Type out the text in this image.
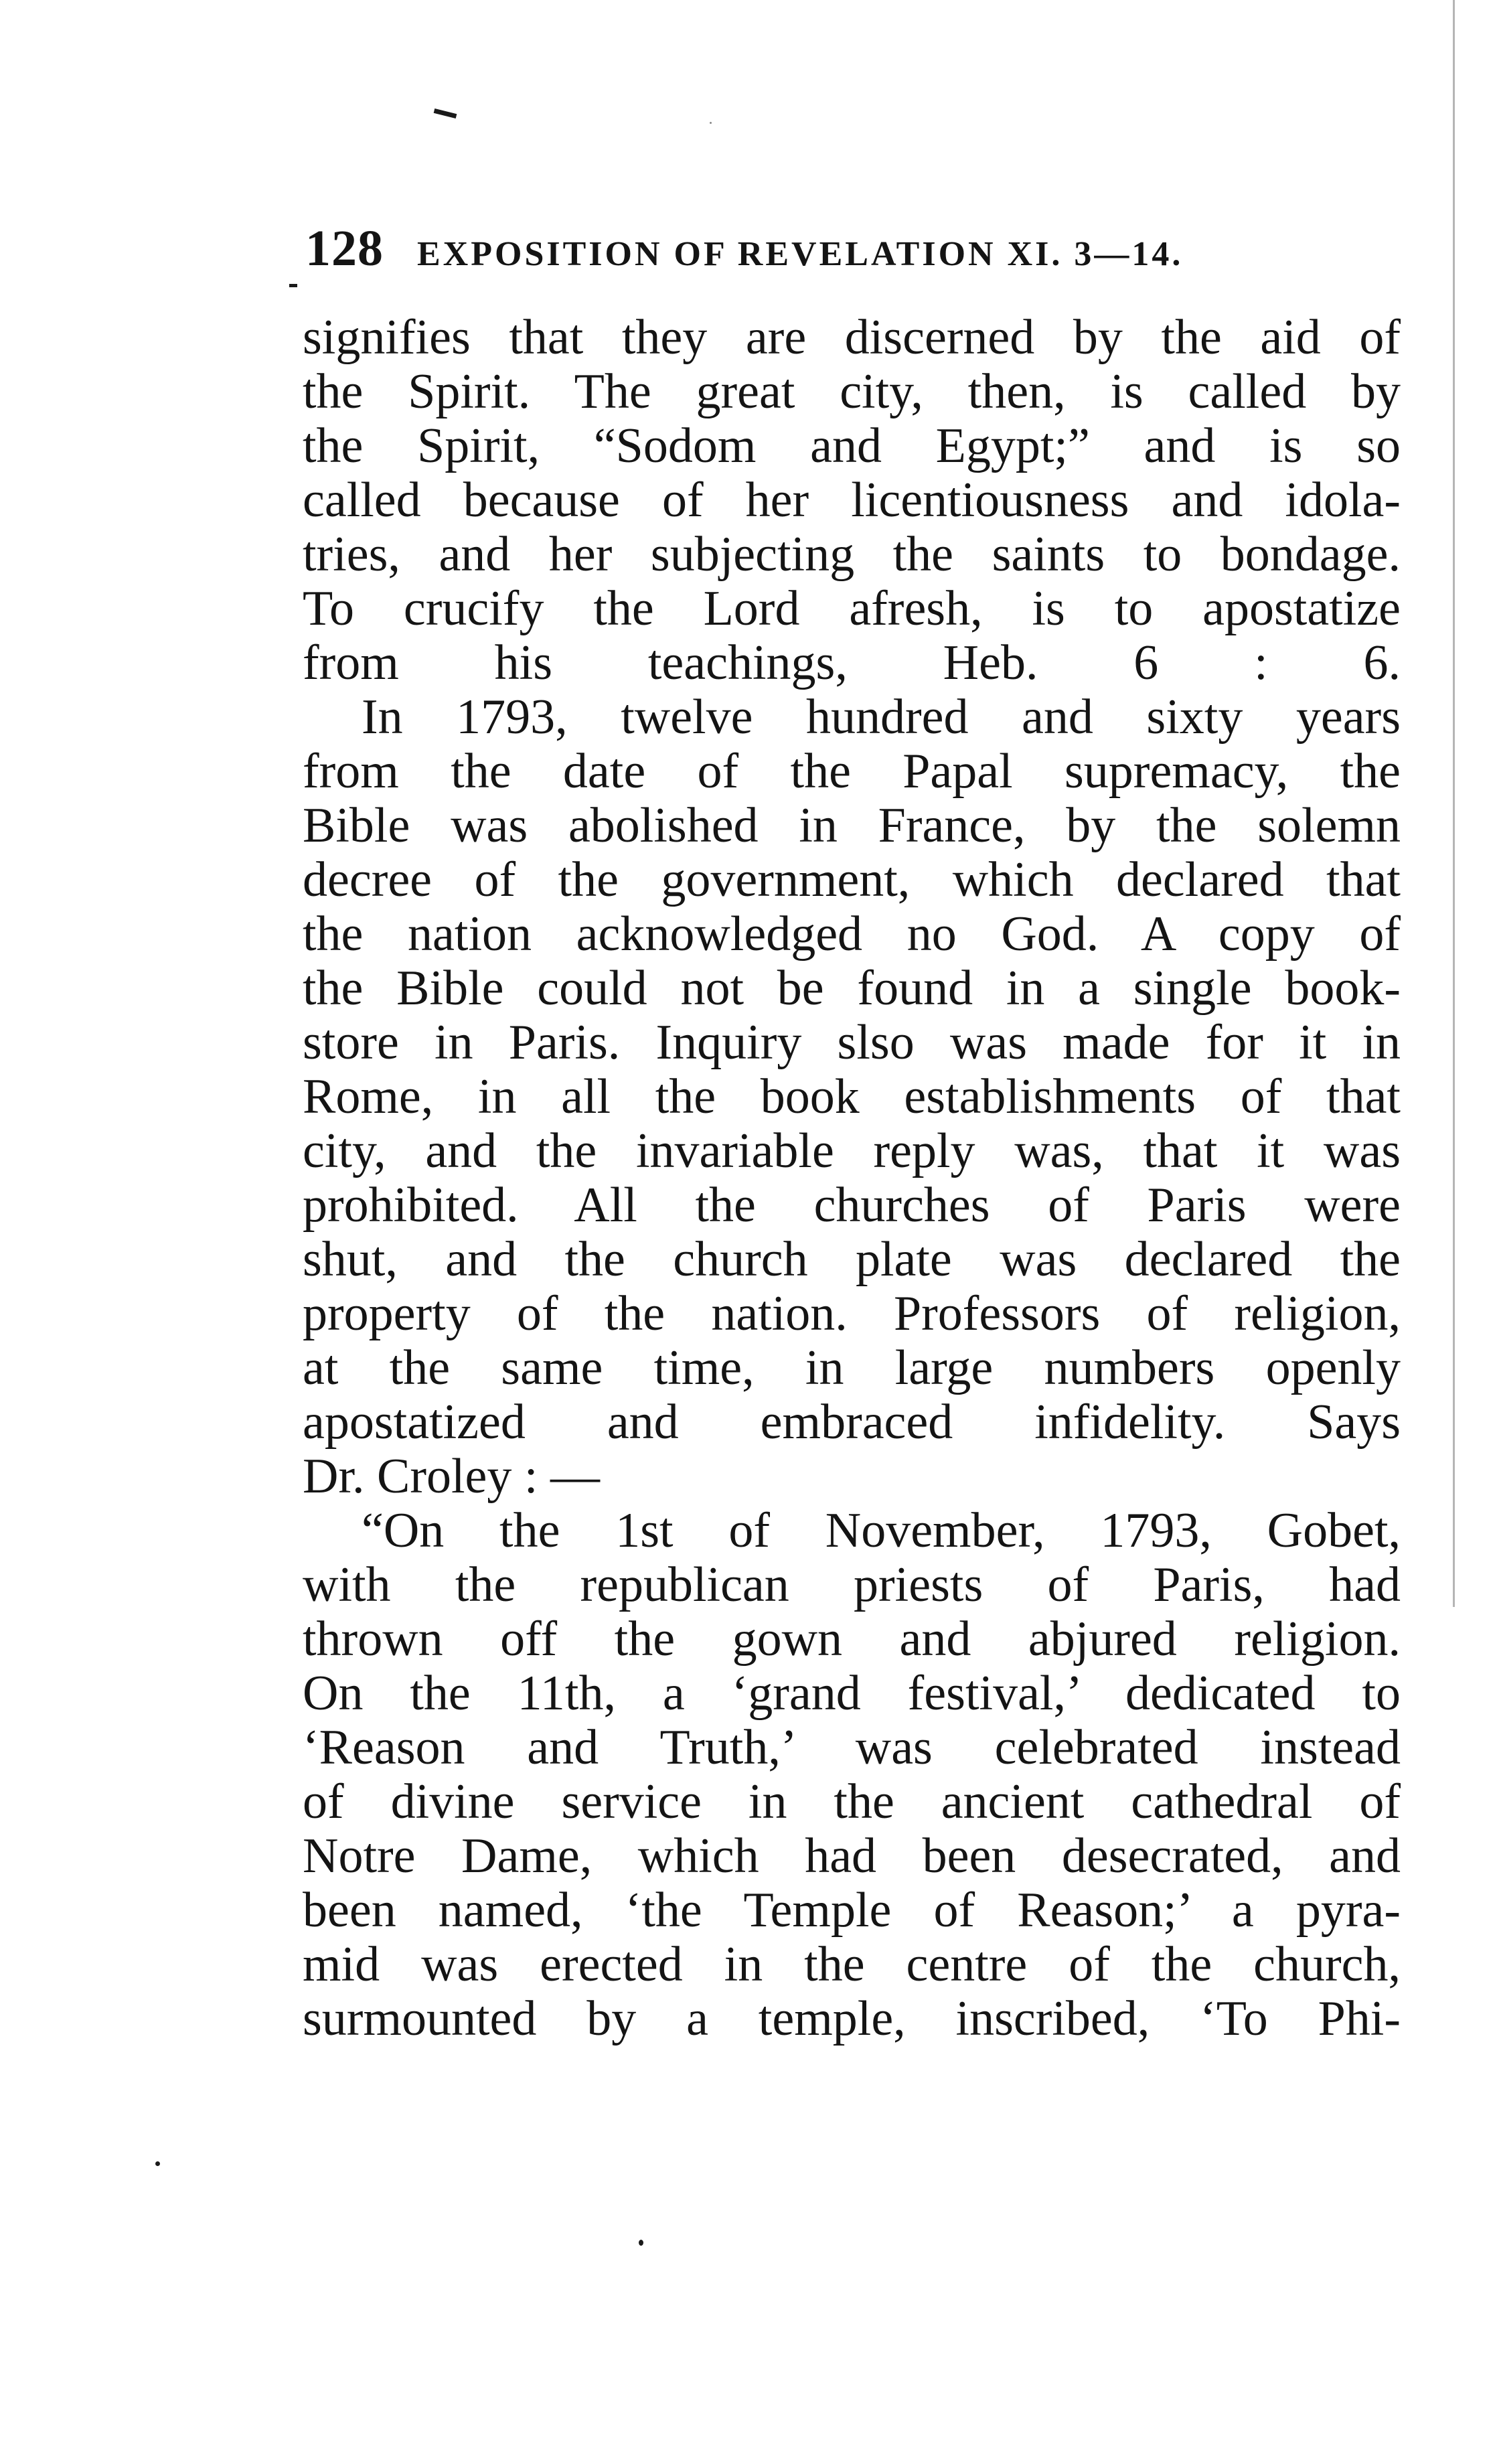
128 EXPOSITION OF REVELATION XI. 3—14.
signifies that they are discerned by the aid of
the Spirit. The great city, then, is called by
the Spirit, “Sodom and Egypt;” and is so
called because of her licentiousness and idola-
tries, and her subjecting the saints to bondage.
To crucify the Lord afresh, is to apostatize
from his teachings, Heb. 6 : 6.
In 1793, twelve hundred and sixty years
from the date of the Papal supremacy, the
Bible was abolished in France, by the solemn
decree of the government, which declared that
the nation acknowledged no God. A copy of
the Bible could not be found in a single book-
store in Paris. Inquiry slso was made for it in
Rome, in all the book establishments of that
city, and the invariable reply was, that it was
prohibited. All the churches of Paris were
shut, and the church plate was declared the
property of the nation. Professors of religion,
at the same time, in large numbers openly
apostatized and embraced infidelity. Says
Dr. Croley : —
“On the 1st of November, 1793, Gobet,
with the republican priests of Paris, had
thrown off the gown and abjured religion.
On the 11th, a ‘grand festival,’ dedicated to
‘Reason and Truth,’ was celebrated instead
of divine service in the ancient cathedral of
Notre Dame, which had been desecrated, and
been named, ‘the Temple of Reason;’ a pyra-
mid was erected in the centre of the church,
surmounted by a temple, inscribed, ‘To Phi-
